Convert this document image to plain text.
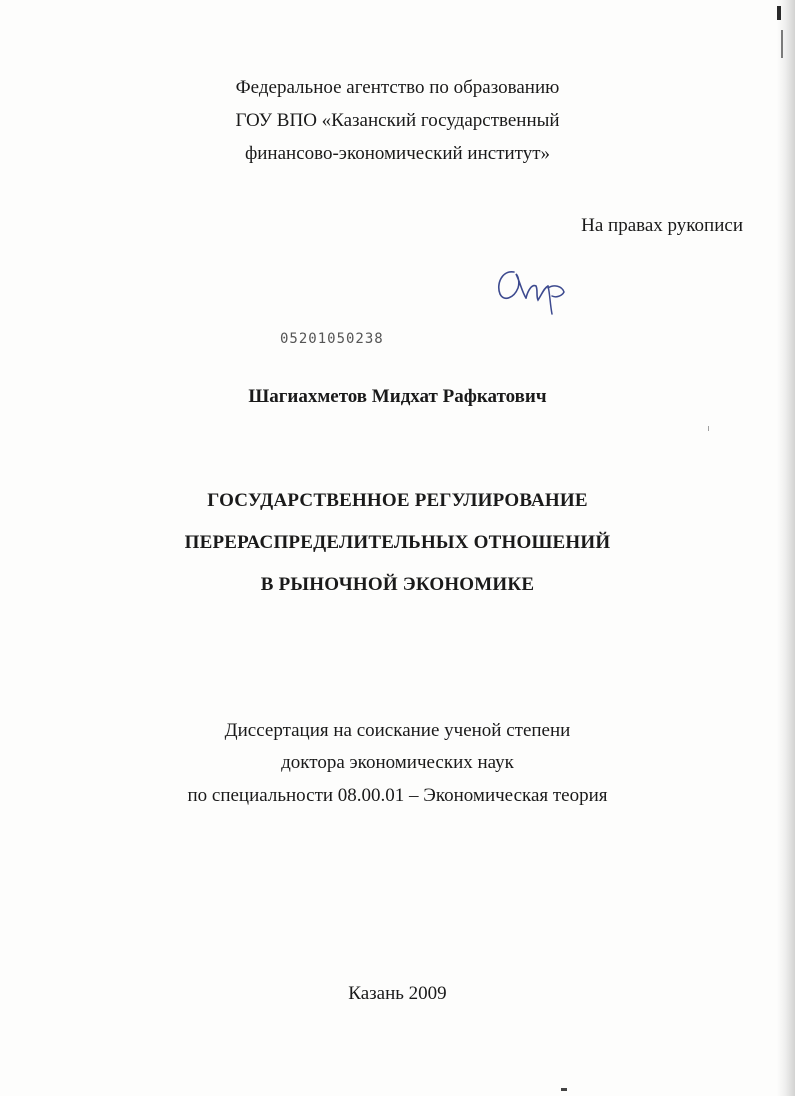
Федеральное агентство по образованию
ГОУ ВПО «Казанский государственный
финансово-экономический институт»
На правах рукописи
05201050238
Шагиахметов Мидхат Рафкатович
ГОСУДАРСТВЕННОЕ РЕГУЛИРОВАНИЕ
ПЕРЕРАСПРЕДЕЛИТЕЛЬНЫХ ОТНОШЕНИЙ
В РЫНОЧНОЙ ЭКОНОМИКЕ
Диссертация на соискание ученой степени
доктора экономических наук
по специальности 08.00.01 – Экономическая теория
Казань 2009
